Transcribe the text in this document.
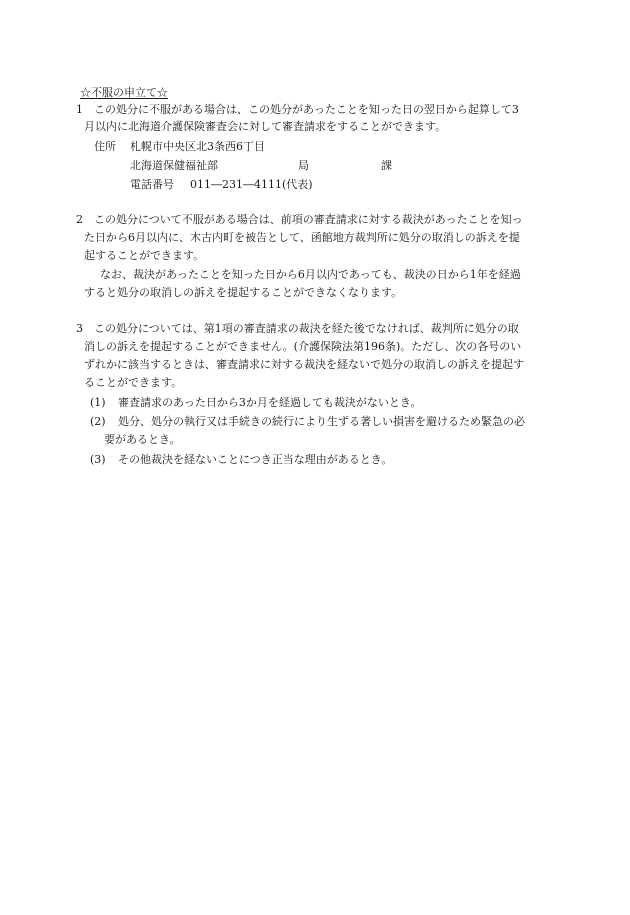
☆不服の申立て☆
1 この処分に不服がある場合は、この処分があったことを知った日の翌日から起算して3
月以内に北海道介護保険審査会に対して審査請求をすることができます。
住所 札幌市中央区北3条西6丁目
北海道保健福祉部	局	課
電話番号 011―231―4111(代表)
2 この処分について不服がある場合は、前項の審査請求に対する裁決があったことを知っ
た日から6月以内に、木古内町を被告として、函館地方裁判所に処分の取消しの訴えを提
起することができます。
なお、裁決があったことを知った日から6月以内であっても、裁決の日から1年を経過
すると処分の取消しの訴えを提起することができなくなります。
3 この処分については、第1項の審査請求の裁決を経た後でなければ、裁判所に処分の取
消しの訴えを提起することができません。(介護保険法第196条)。ただし、次の各号のい
ずれかに該当するときは、審査請求に対する裁決を経ないで処分の取消しの訴えを提起す
ることができます。
(1) 審査請求のあった日から3か月を経過しても裁決がないとき。
(2) 処分、処分の執行又は手続きの続行により生ずる著しい損害を避けるため緊急の必
要があるとき。
(3) その他裁決を経ないことにつき正当な理由があるとき。
